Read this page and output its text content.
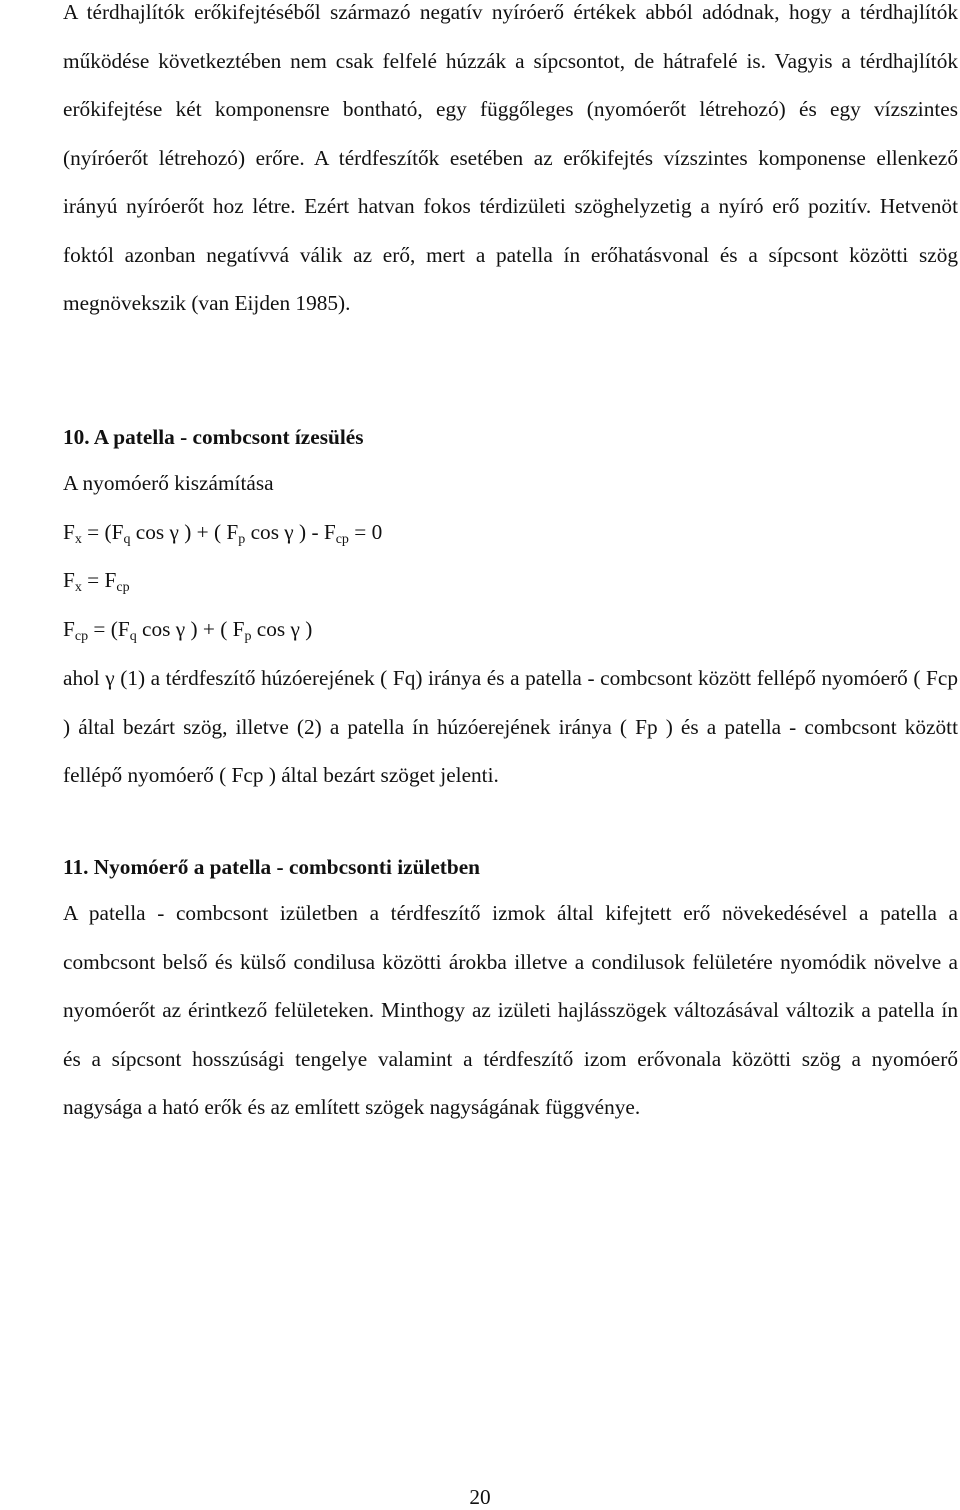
A térdhajlítók erőkifejtéséből származó negatív nyíróerő értékek abból adódnak, hogy a térdhajlítók működése következtében nem csak felfelé húzzák a sípcsontot, de hátrafelé is. Vagyis a térdhajlítók erőkifejtése két komponensre bontható, egy függőleges (nyomóerőt létrehozó) és egy vízszintes (nyíróerőt létrehozó) erőre. A térdfeszítők esetében az erőkifejtés vízszintes komponense ellenkező irányú nyíróerőt hoz létre. Ezért hatvan fokos térdizületi szöghelyzetig a nyíró erő pozitív. Hetvenöt foktól azonban negatívvá válik az erő, mert a patella ín erőhatásvonal és a sípcsont közötti szög megnövekszik (van Eijden 1985).

10. A patella - combcsont ízesülés

A nyomóerő kiszámítása

$F_x = (F_q$ cos γ ) + ( $F_p$ cos γ ) - $F_{cp} = 0$

$F_x = F_{cp}$

$F_{cp} = (F_q$ cos γ ) + ( $F_p$ cos γ )

ahol γ (1) a térdfeszítő húzóerejének ( Fq) iránya és a patella - combcsont között fellépő nyomóerő ( Fcp ) által bezárt szög, illetve (2) a patella ín húzóerejének iránya ( Fp ) és a patella - combcsont között fellépő nyomóerő ( Fcp ) által bezárt szöget jelenti.

11. Nyomóerő a patella - combcsonti izületben

A patella - combcsont izületben a térdfeszítő izmok által kifejtett erő növekedésével a patella a combcsont belső és külső condilusa közötti árokba illetve a condilusok felületére nyomódik növelve a nyomóerőt az érintkező felületeken. Minthogy az izületi hajlásszögek változásával változik a patella ín és a sípcsont hosszúsági tengelye valamint a térdfeszítő izom erővonala közötti szög a nyomóerő nagysága a ható erők és az említett szögek nagyságának függvénye.

20
